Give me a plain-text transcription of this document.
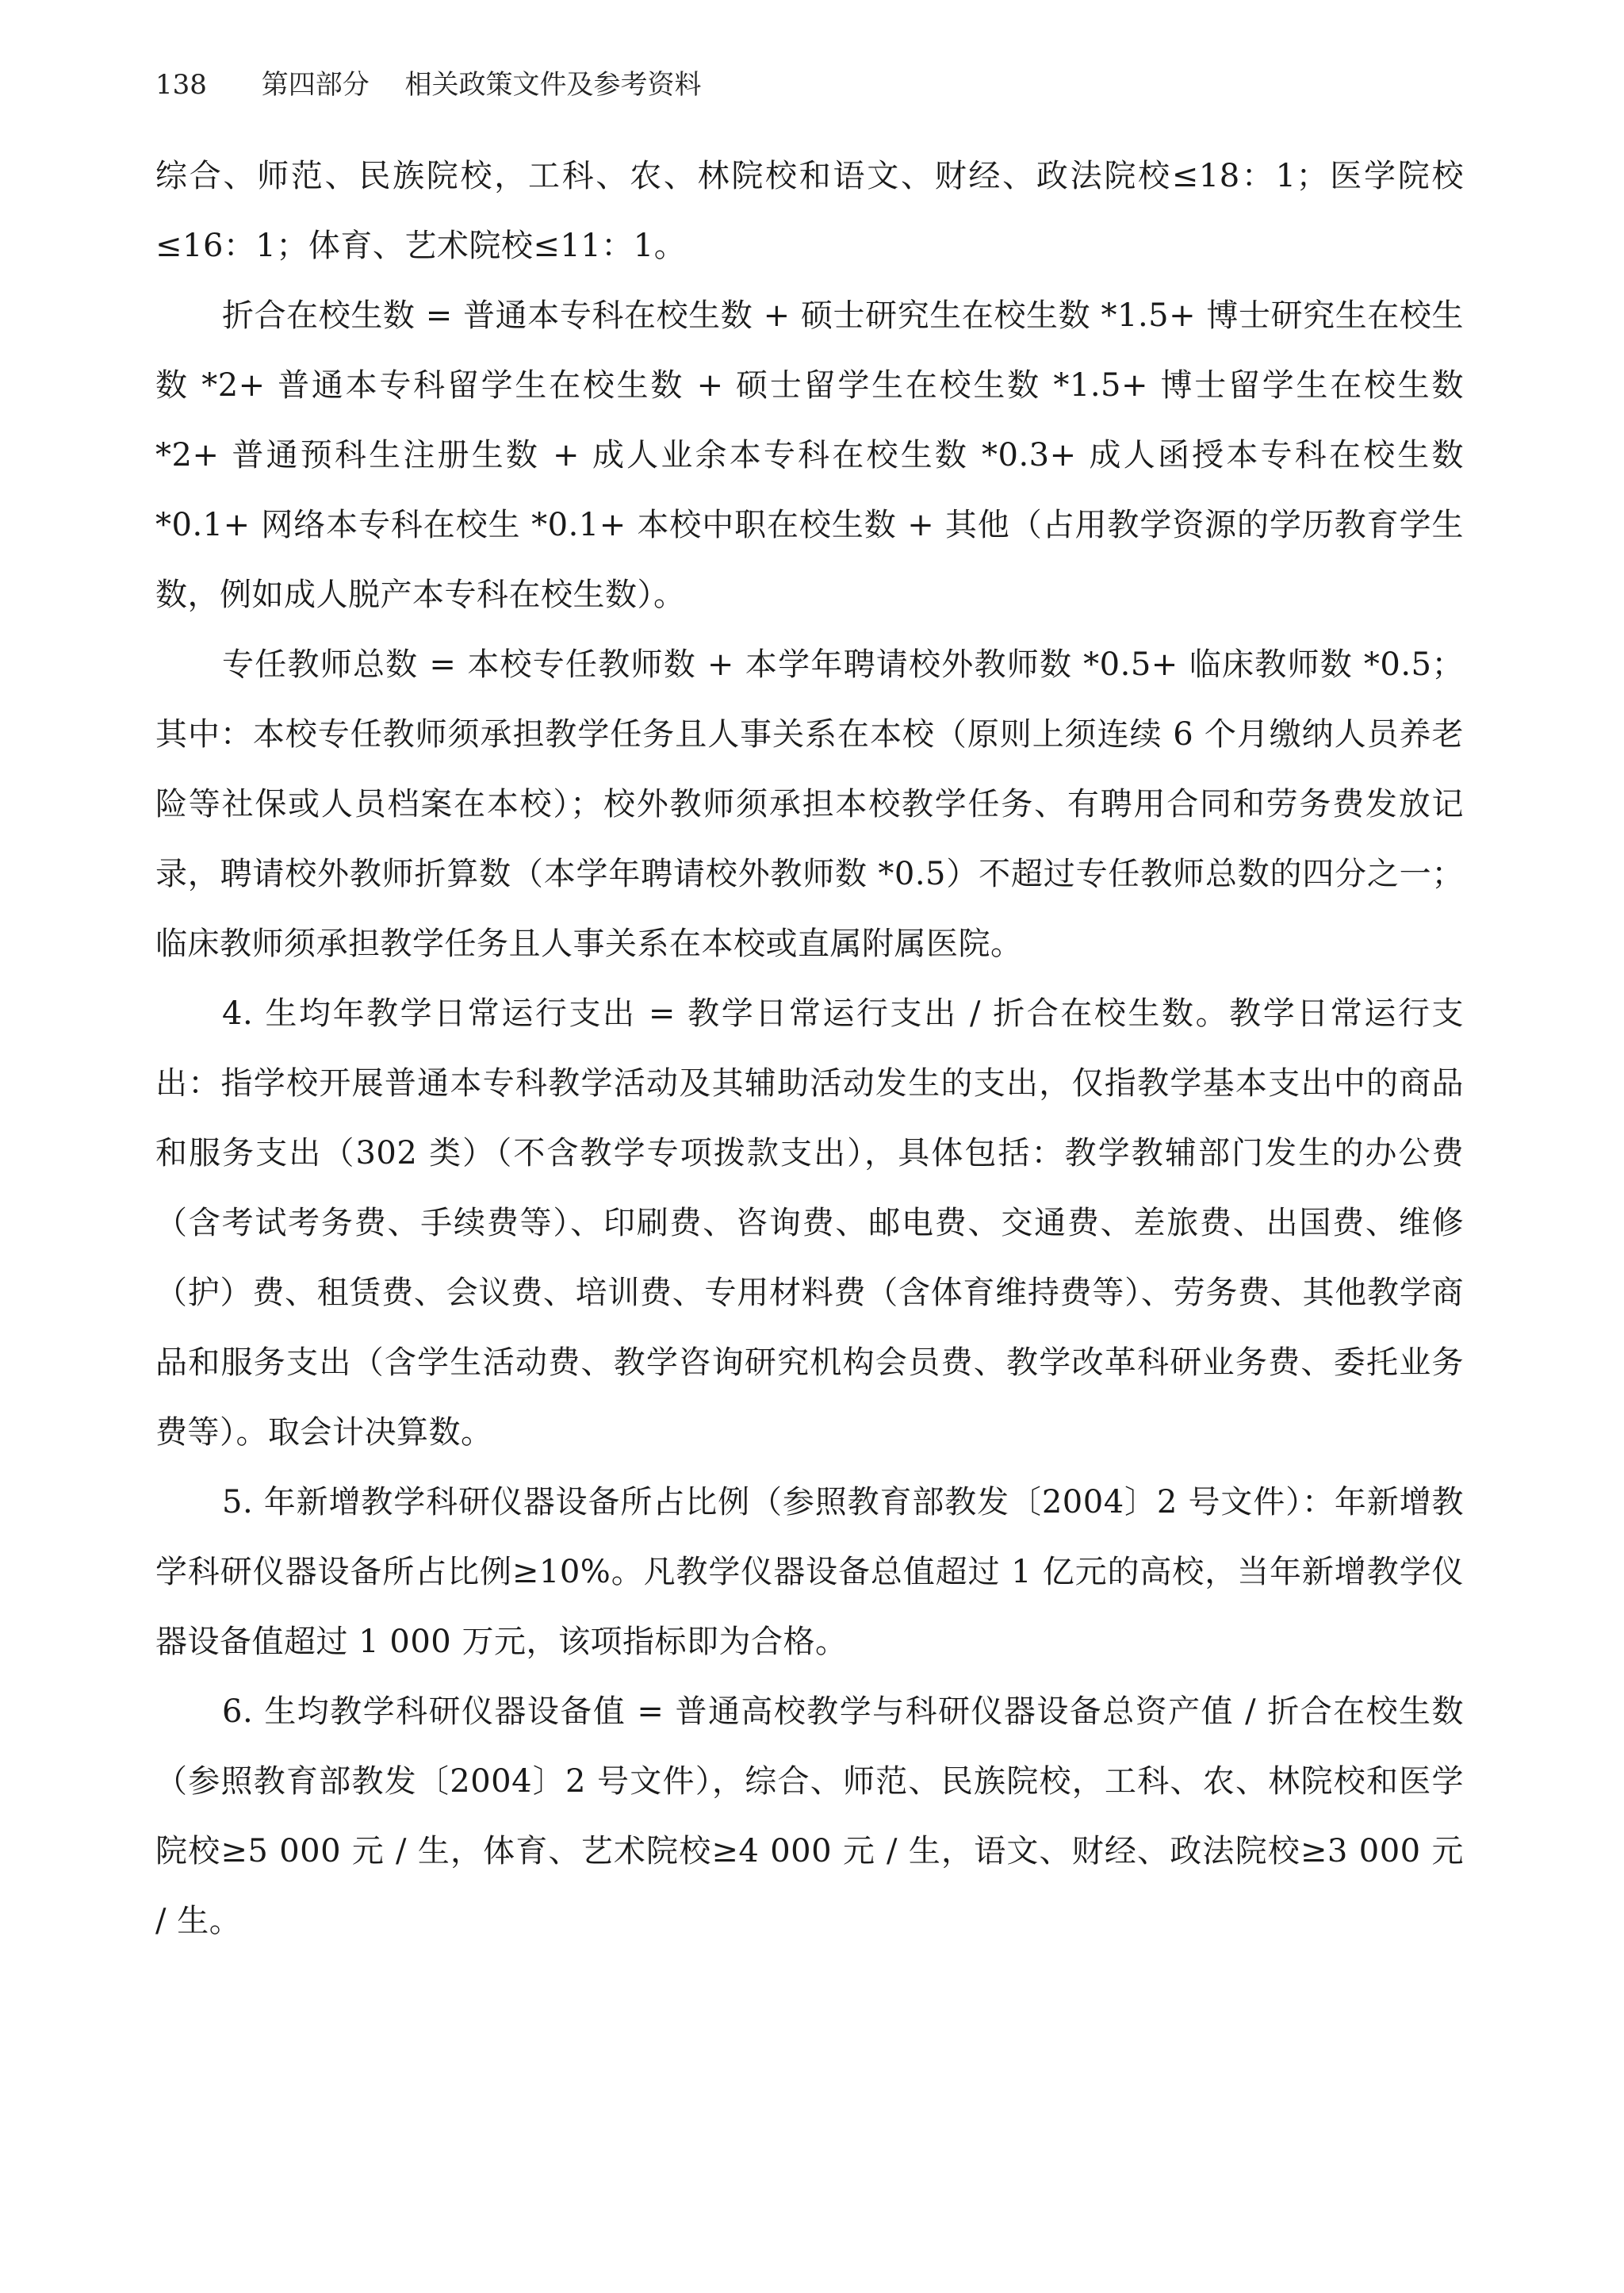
138 第四部分 相关政策文件及参考资料

综合、师范、民族院校，工科、农、林院校和语文、财经、政法院校≤18：1；医学院校≤16：1；体育、艺术院校≤11：1。

折合在校生数 = 普通本专科在校生数 + 硕士研究生在校生数 *1.5+ 博士研究生在校生数 *2+ 普通本专科留学生在校生数 + 硕士留学生在校生数 *1.5+ 博士留学生在校生数 *2+ 普通预科生注册生数 + 成人业余本专科在校生数 *0.3+ 成人函授本专科在校生数 *0.1+ 网络本专科在校生 *0.1+ 本校中职在校生数 + 其他（占用教学资源的学历教育学生数，例如成人脱产本专科在校生数）。

专任教师总数 = 本校专任教师数 + 本学年聘请校外教师数 *0.5+ 临床教师数 *0.5；其中：本校专任教师须承担教学任务且人事关系在本校（原则上须连续 6 个月缴纳人员养老险等社保或人员档案在本校）；校外教师须承担本校教学任务、有聘用合同和劳务费发放记录，聘请校外教师折算数（本学年聘请校外教师数 *0.5）不超过专任教师总数的四分之一；临床教师须承担教学任务且人事关系在本校或直属附属医院。

4. 生均年教学日常运行支出 = 教学日常运行支出 / 折合在校生数。教学日常运行支出：指学校开展普通本专科教学活动及其辅助活动发生的支出，仅指教学基本支出中的商品和服务支出（302 类）（不含教学专项拨款支出），具体包括：教学教辅部门发生的办公费（含考试考务费、手续费等）、印刷费、咨询费、邮电费、交通费、差旅费、出国费、维修（护）费、租赁费、会议费、培训费、专用材料费（含体育维持费等）、劳务费、其他教学商品和服务支出（含学生活动费、教学咨询研究机构会员费、教学改革科研业务费、委托业务费等）。取会计决算数。

5. 年新增教学科研仪器设备所占比例（参照教育部教发〔2004〕2 号文件）：年新增教学科研仪器设备所占比例≥10%。凡教学仪器设备总值超过 1 亿元的高校，当年新增教学仪器设备值超过 1 000 万元，该项指标即为合格。

6. 生均教学科研仪器设备值 = 普通高校教学与科研仪器设备总资产值 / 折合在校生数（参照教育部教发〔2004〕2 号文件），综合、师范、民族院校，工科、农、林院校和医学院校≥5 000 元 / 生，体育、艺术院校≥4 000 元 / 生，语文、财经、政法院校≥3 000 元 / 生。
